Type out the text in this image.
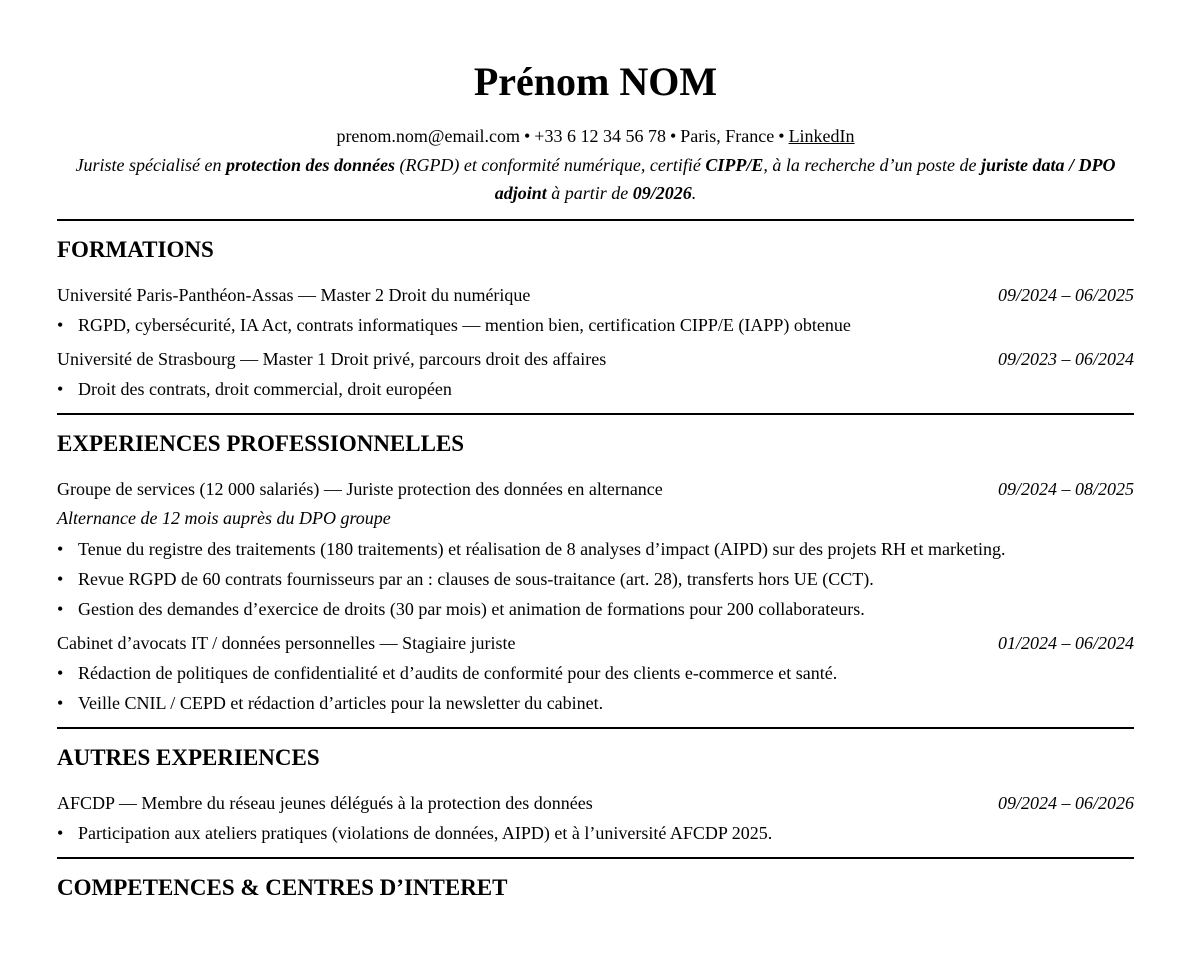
Prénom NOM
prenom.nom@email.com • +33 6 12 34 56 78 • Paris, France • LinkedIn
Juriste spécialisé en protection des données (RGPD) et conformité numérique, certifié CIPP/E, à la recherche d’un poste de juriste data / DPO adjoint à partir de 09/2026.
FORMATIONS
Université Paris-Panthéon-Assas — Master 2 Droit du numérique	09/2024 – 06/2025
• RGPD, cybersécurité, IA Act, contrats informatiques — mention bien, certification CIPP/E (IAPP) obtenue
Université de Strasbourg — Master 1 Droit privé, parcours droit des affaires	09/2023 – 06/2024
• Droit des contrats, droit commercial, droit européen
EXPERIENCES PROFESSIONNELLES
Groupe de services (12 000 salariés) — Juriste protection des données en alternance	09/2024 – 08/2025
Alternance de 12 mois auprès du DPO groupe
• Tenue du registre des traitements (180 traitements) et réalisation de 8 analyses d’impact (AIPD) sur des projets RH et marketing.
• Revue RGPD de 60 contrats fournisseurs par an : clauses de sous-traitance (art. 28), transferts hors UE (CCT).
• Gestion des demandes d’exercice de droits (30 par mois) et animation de formations pour 200 collaborateurs.
Cabinet d’avocats IT / données personnelles — Stagiaire juriste	01/2024 – 06/2024
• Rédaction de politiques de confidentialité et d’audits de conformité pour des clients e-commerce et santé.
• Veille CNIL / CEPD et rédaction d’articles pour la newsletter du cabinet.
AUTRES EXPERIENCES
AFCDP — Membre du réseau jeunes délégués à la protection des données	09/2024 – 06/2026
• Participation aux ateliers pratiques (violations de données, AIPD) et à l’université AFCDP 2025.
COMPETENCES & CENTRES D’INTERET
